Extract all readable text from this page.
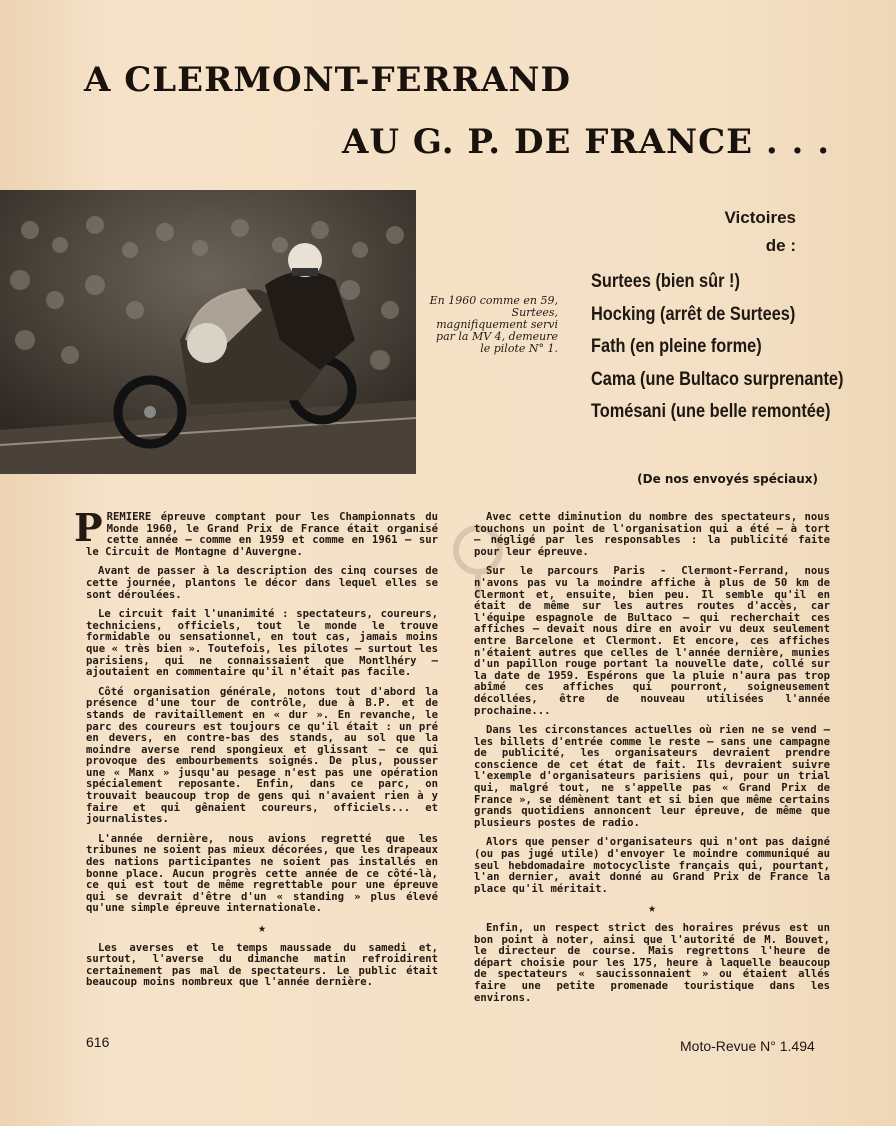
A CLERMONT-FERRAND
AU G. P. DE FRANCE . . .
En 1960 comme en 59, Surtees, magnifiquement servi par la MV 4, demeure le pilote N° 1.
Victoires
de :
Surtees (bien sûr !)
Hocking (arrêt de Surtees)
Fath (en pleine forme)
Cama (une Bultaco surprenante)
Tomésani (une belle remontée)
(De nos envoyés spéciaux)

PREMIERE épreuve comptant pour les Championnats du Monde 1960, le Grand Prix de France était organisé cette année — comme en 1959 et comme en 1961 — sur le Circuit de Montagne d'Auvergne.

Avant de passer à la description des cinq courses de cette journée, plantons le décor dans lequel elles se sont déroulées.

Le circuit fait l'unanimité : spectateurs, coureurs, techniciens, officiels, tout le monde le trouve formidable ou sensationnel, en tout cas, jamais moins que « très bien ». Toutefois, les pilotes — surtout les parisiens, qui ne connaissaient que Montlhéry — ajoutaient en commentaire qu'il n'était pas facile.

Côté organisation générale, notons tout d'abord la présence d'une tour de contrôle, due à B.P. et de stands de ravitaillement en « dur ». En revanche, le parc des coureurs est toujours ce qu'il était : un pré en devers, en contre-bas des stands, au sol que la moindre averse rend spongieux et glissant — ce qui provoque des embourbements soignés. De plus, pousser une « Manx » jusqu'au pesage n'est pas une opération spécialement reposante. Enfin, dans ce parc, on trouvait beaucoup trop de gens qui n'avaient rien à y faire et qui gênaient coureurs, officiels... et journalistes.

L'année dernière, nous avions regretté que les tribunes ne soient pas mieux décorées, que les drapeaux des nations participantes ne soient pas installés en bonne place. Aucun progrès cette année de ce côté-là, ce qui est tout de même regrettable pour une épreuve qui se devrait d'être d'un « standing » plus élevé qu'une simple épreuve internationale.

★

Les averses et le temps maussade du samedi et, surtout, l'averse du dimanche matin refroidirent certainement pas mal de spectateurs. Le public était beaucoup moins nombreux que l'année dernière.

Avec cette diminution du nombre des spectateurs, nous touchons un point de l'organisation qui a été — à tort — négligé par les responsables : la publicité faite pour leur épreuve.

Sur le parcours Paris - Clermont-Ferrand, nous n'avons pas vu la moindre affiche à plus de 50 km de Clermont et, ensuite, bien peu. Il semble qu'il en était de même sur les autres routes d'accès, car l'équipe espagnole de Bultaco — qui recherchait ces affiches — devait nous dire en avoir vu deux seulement entre Barcelone et Clermont. Et encore, ces affiches n'étaient autres que celles de l'année dernière, munies d'un papillon rouge portant la nouvelle date, collé sur la date de 1959. Espérons que la pluie n'aura pas trop abîmé ces affiches qui pourront, soigneusement décollées, être de nouveau utilisées l'année prochaine...

Dans les circonstances actuelles où rien ne se vend — les billets d'entrée comme le reste — sans une campagne de publicité, les organisateurs devraient prendre conscience de cet état de fait. Ils devraient suivre l'exemple d'organisateurs parisiens qui, pour un trial qui, malgré tout, ne s'appelle pas « Grand Prix de France », se démènent tant et si bien que même certains grands quotidiens annoncent leur épreuve, de même que plusieurs postes de radio.

Alors que penser d'organisateurs qui n'ont pas daigné (ou pas jugé utile) d'envoyer le moindre communiqué au seul hebdomadaire motocycliste français qui, pourtant, l'an dernier, avait donné au Grand Prix de France la place qu'il méritait.

★

Enfin, un respect strict des horaires prévus est un bon point à noter, ainsi que l'autorité de M. Bouvet, le directeur de course. Mais regrettons l'heure de départ choisie pour les 175, heure à laquelle beaucoup de spectateurs « saucissonnaient » ou étaient allés faire une petite promenade touristique dans les environs.

616	Moto-Revue N° 1.494
